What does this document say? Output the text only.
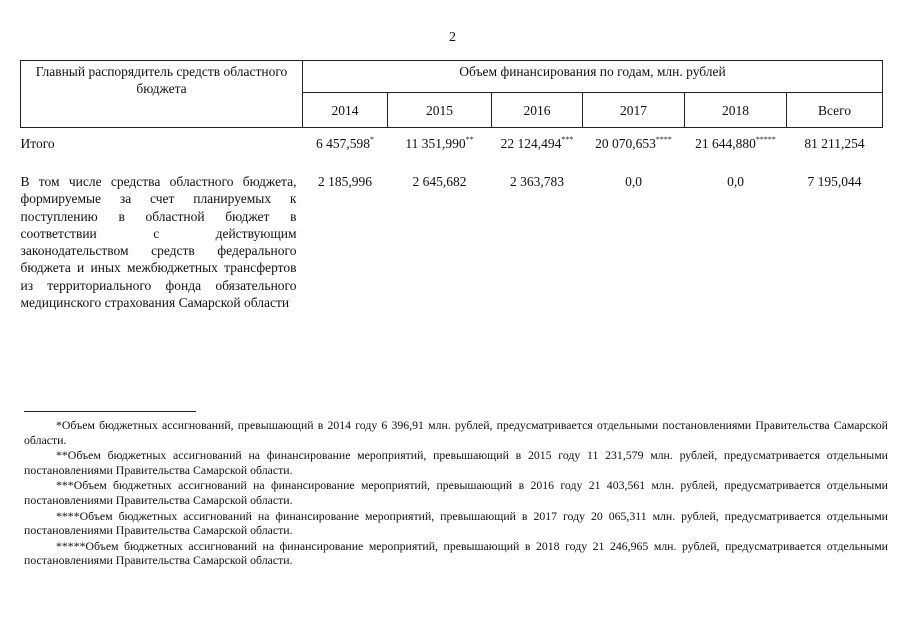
2
Главный распорядитель средств областного бюджета	Объем финансирования по годам, млн. рублей					
	2014	2015	2016	2017	2018	Всего
Итого	6 457,598*	11 351,990**	22 124,494***	20 070,653****	21 644,880*****	81 211,254
В том числе средства областного бюджета, формируемые за счет планируемых к поступлению в областной бюджет в соответствии с действующим законодательством средств федерального бюджета и иных межбюджетных трансфертов из территориального фонда обязательного медицинского страхования Самарской области	2 185,996	2 645,682	2 363,783	0,0	0,0	7 195,044

*Объем бюджетных ассигнований, превышающий в 2014 году 6 396,91 млн. рублей, предусматривается отдельными постановлениями Правительства Самарской области.

**Объем бюджетных ассигнований на финансирование мероприятий, превышающий в 2015 году 11 231,579 млн. рублей, предусматривается отдельными постановлениями Правительства Самарской области.

***Объем бюджетных ассигнований на финансирование мероприятий, превышающий в 2016 году 21 403,561 млн. рублей, предусматривается отдельными постановлениями Правительства Самарской области.

****Объем бюджетных ассигнований на финансирование мероприятий, превышающий в 2017 году 20 065,311 млн. рублей, предусматривается отдельными постановлениями Правительства Самарской области.

*****Объем бюджетных ассигнований на финансирование мероприятий, превышающий в 2018 году 21 246,965 млн. рублей, предусматривается отдельными постановлениями Правительства Самарской области.
